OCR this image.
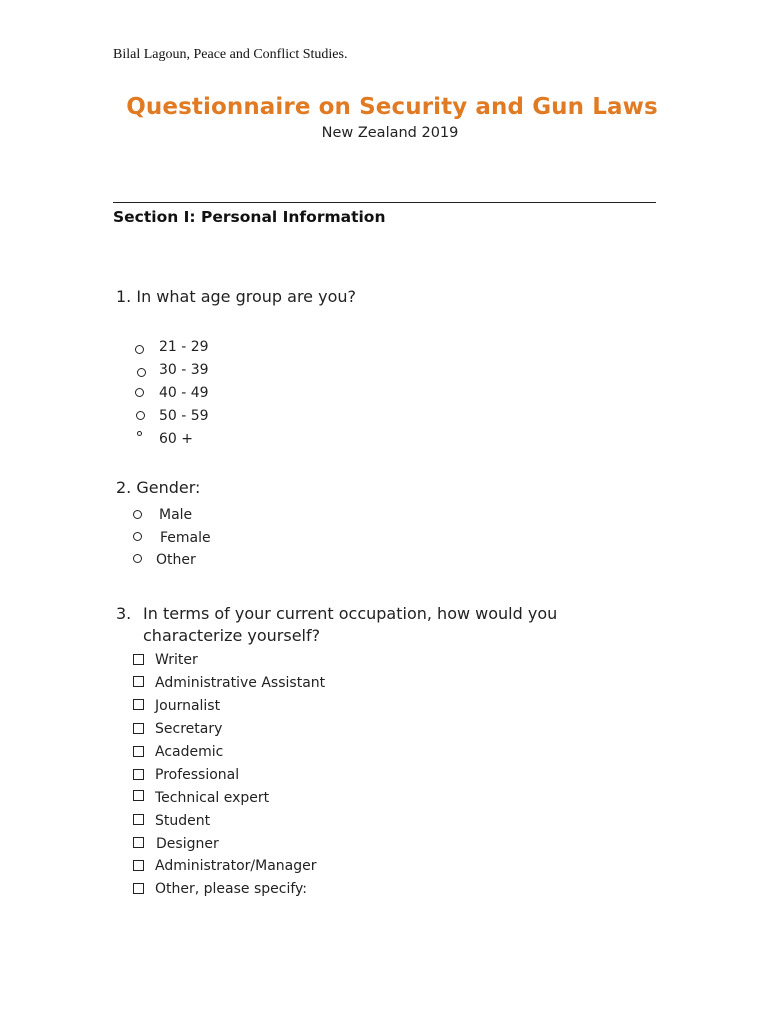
Bilal Lagoun, Peace and Conflict Studies.
Questionnaire on Security and Gun Laws
New Zealand 2019
Section I: Personal Information
1. In what age group are you?
21 - 29
30 - 39
40 - 49
50 - 59
60 +
2. Gender:
Male
Female
Other
3. In terms of your current occupation, how would you characterize yourself?
Writer
Administrative Assistant
Journalist
Secretary
Academic
Professional
Technical expert
Student
Designer
Administrator/Manager
Other, please specify:
